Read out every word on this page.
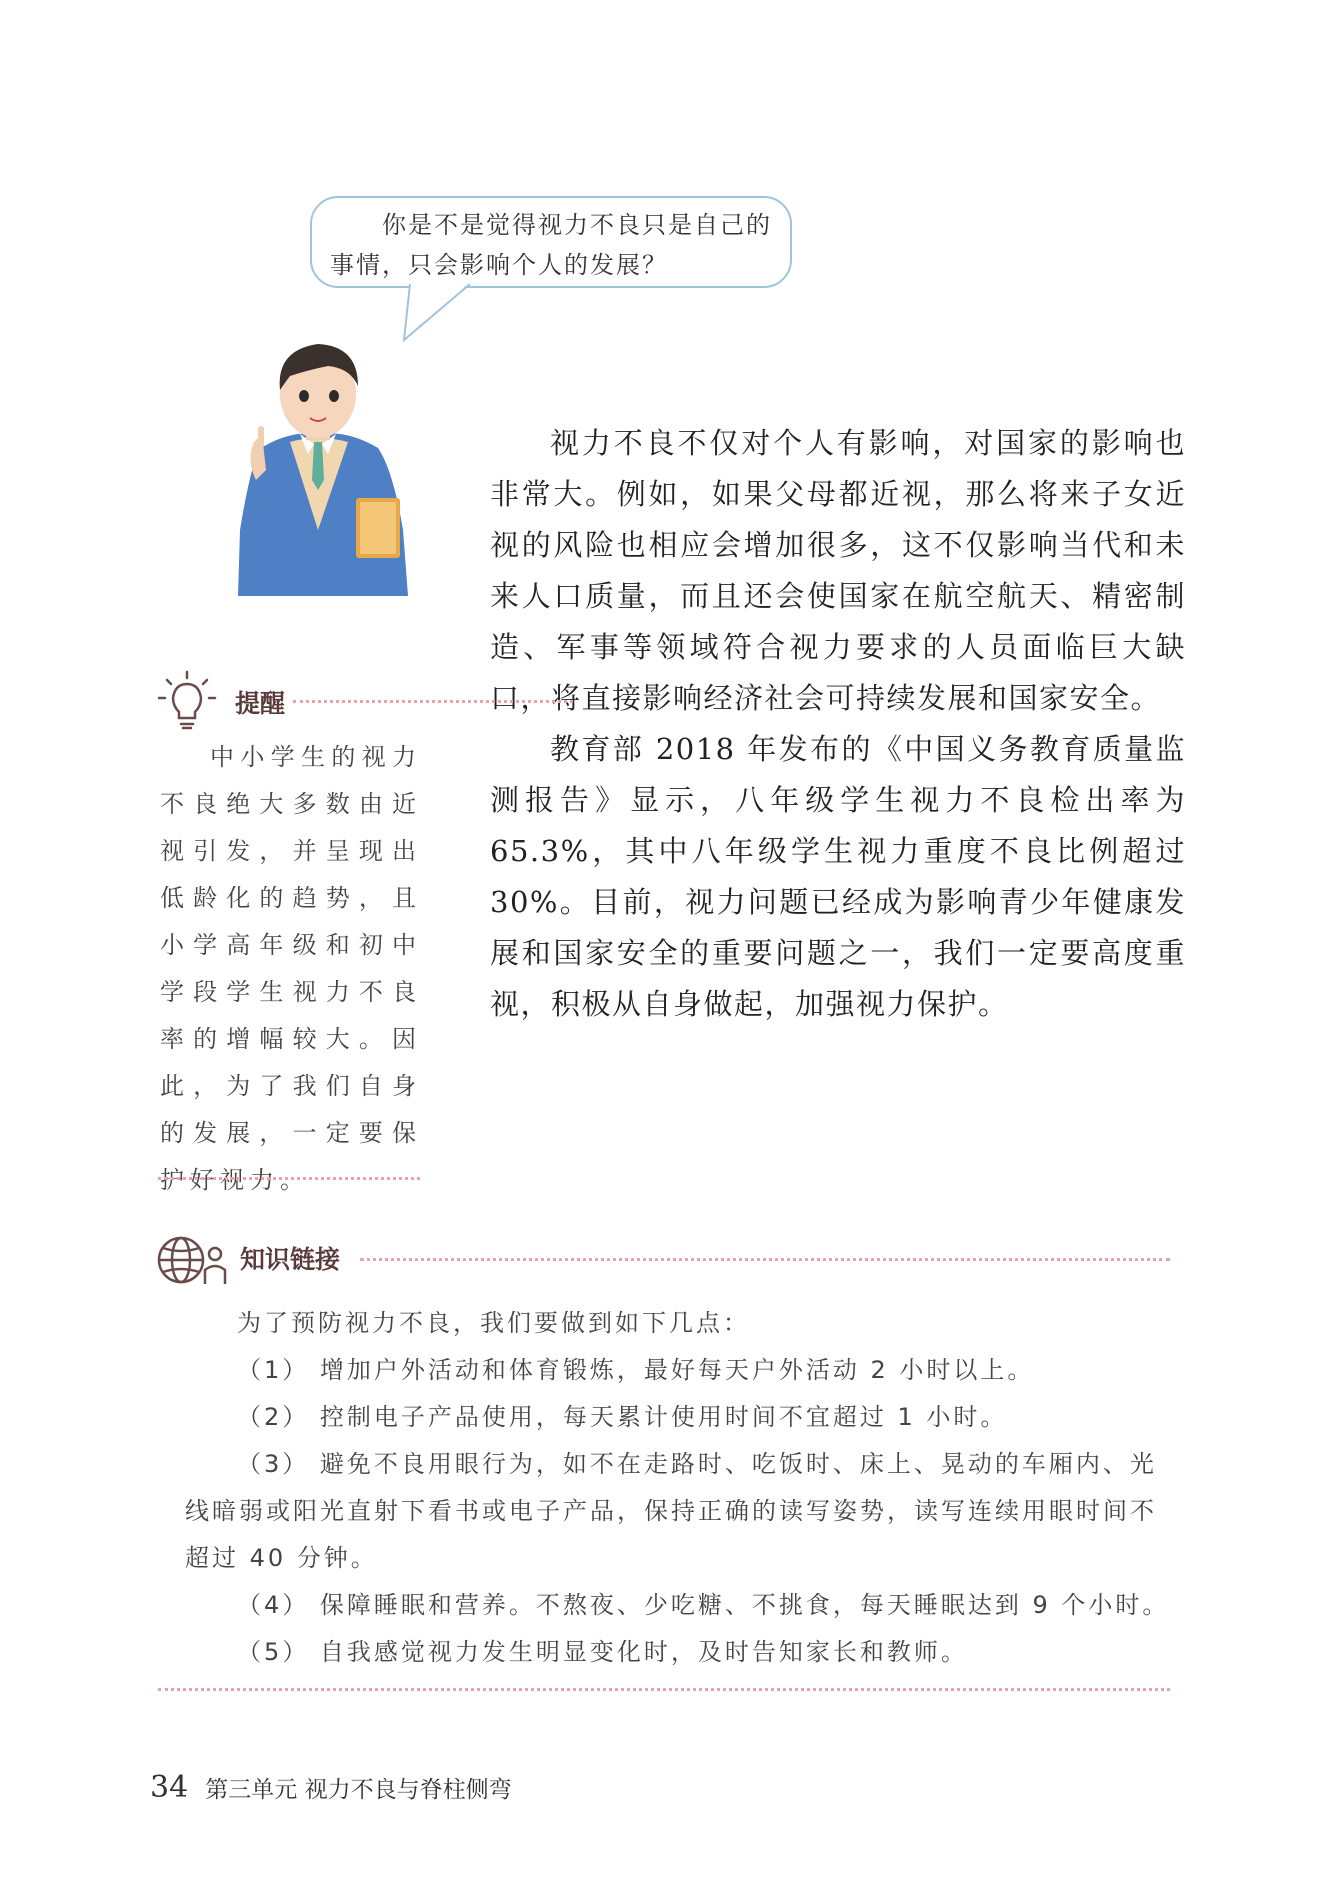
你是不是觉得视力不良只是自己的
事情，只会影响个人的发展？

视力不良不仅对个人有影响，对国家的影响也非常大。例如，如果父母都近视，那么将来子女近视的风险也相应会增加很多，这不仅影响当代和未来人口质量，而且还会使国家在航空航天、精密制造、军事等领域符合视力要求的人员面临巨大缺口，将直接影响经济社会可持续发展和国家安全。

教育部 2018 年发布的《中国义务教育质量监测报告》显示，八年级学生视力不良检出率为 65.3%，其中八年级学生视力重度不良比例超过 30%。目前，视力问题已经成为影响青少年健康发展和国家安全的重要问题之一，我们一定要高度重视，积极从自身做起，加强视力保护。

提醒
中小学生的视力不良绝大多数由近视引发，并呈现出低龄化的趋势，且小学高年级和初中学段学生视力不良率的增幅较大。因此，为了我们自身的发展，一定要保护好视力。
知识链接

为了预防视力不良，我们要做到如下几点：

（1） 增加户外活动和体育锻炼，最好每天户外活动 2 小时以上。

（2） 控制电子产品使用，每天累计使用时间不宜超过 1 小时。

（3） 避免不良用眼行为，如不在走路时、吃饭时、床上、晃动的车厢内、光线暗弱或阳光直射下看书或电子产品，保持正确的读写姿势，读写连续用眼时间不超过 40 分钟。

（4） 保障睡眠和营养。不熬夜、少吃糖、不挑食，每天睡眠达到 9 个小时。

（5） 自我感觉视力发生明显变化时，及时告知家长和教师。

34 第三单元 视力不良与脊柱侧弯
